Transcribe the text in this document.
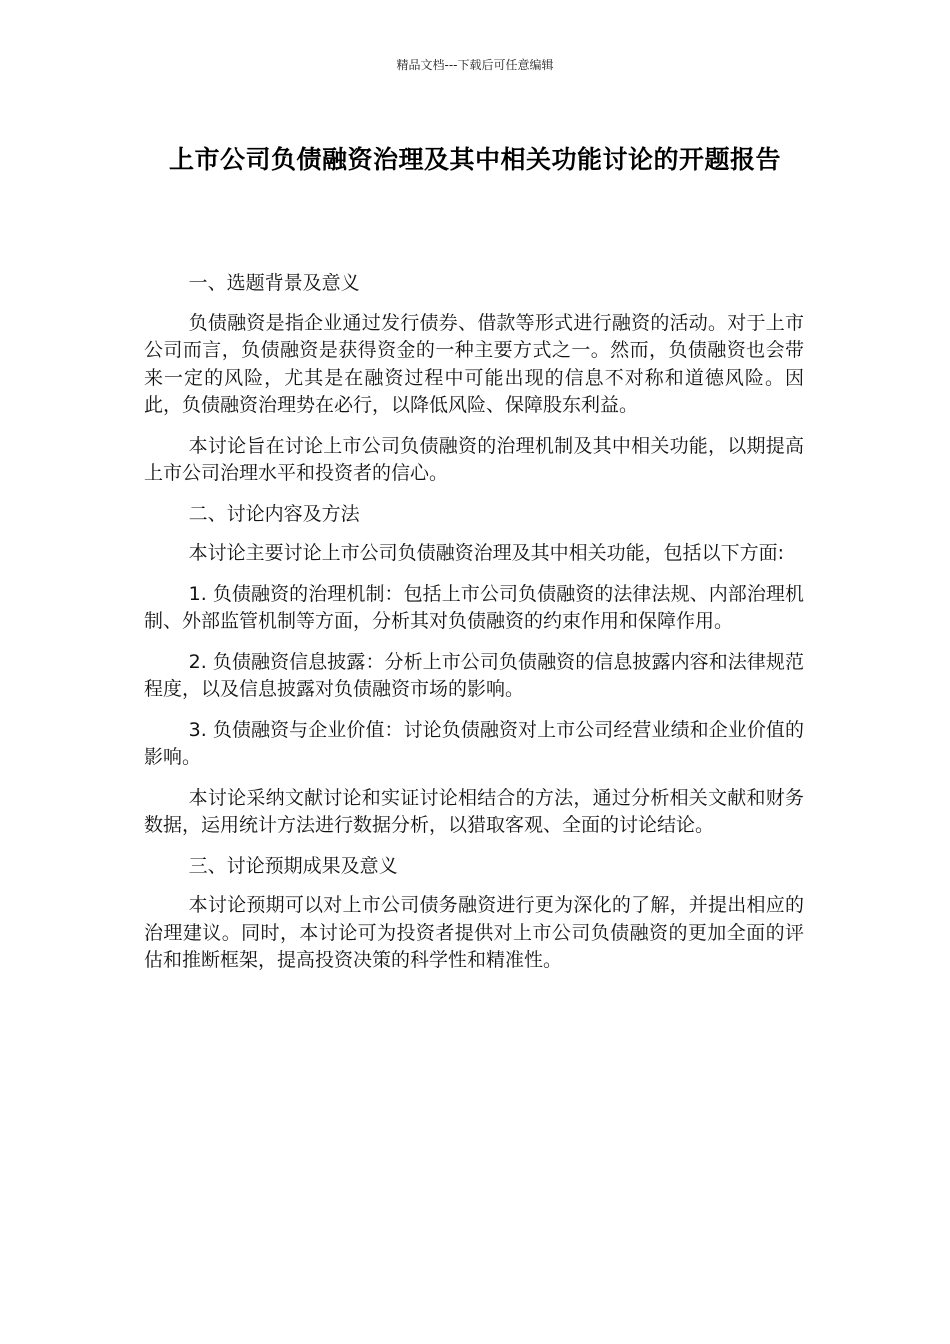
精品文档---下载后可任意编辑
上市公司负债融资治理及其中相关功能讨论的开题报告

一、选题背景及意义

负债融资是指企业通过发行债券、借款等形式进行融资的活动。对于上市公司而言，负债融资是获得资金的一种主要方式之一。然而，负债融资也会带来一定的风险，尤其是在融资过程中可能出现的信息不对称和道德风险。因此，负债融资治理势在必行，以降低风险、保障股东利益。

本讨论旨在讨论上市公司负债融资的治理机制及其中相关功能，以期提高上市公司治理水平和投资者的信心。

二、讨论内容及方法

本讨论主要讨论上市公司负债融资治理及其中相关功能，包括以下方面:

1. 负债融资的治理机制：包括上市公司负债融资的法律法规、内部治理机制、外部监管机制等方面，分析其对负债融资的约束作用和保障作用。

2. 负债融资信息披露：分析上市公司负债融资的信息披露内容和法律规范程度，以及信息披露对负债融资市场的影响。

3. 负债融资与企业价值：讨论负债融资对上市公司经营业绩和企业价值的影响。

本讨论采纳文献讨论和实证讨论相结合的方法，通过分析相关文献和财务数据，运用统计方法进行数据分析，以猎取客观、全面的讨论结论。

三、讨论预期成果及意义

本讨论预期可以对上市公司债务融资进行更为深化的了解，并提出相应的治理建议。同时，本讨论可为投资者提供对上市公司负债融资的更加全面的评估和推断框架，提高投资决策的科学性和精准性。
